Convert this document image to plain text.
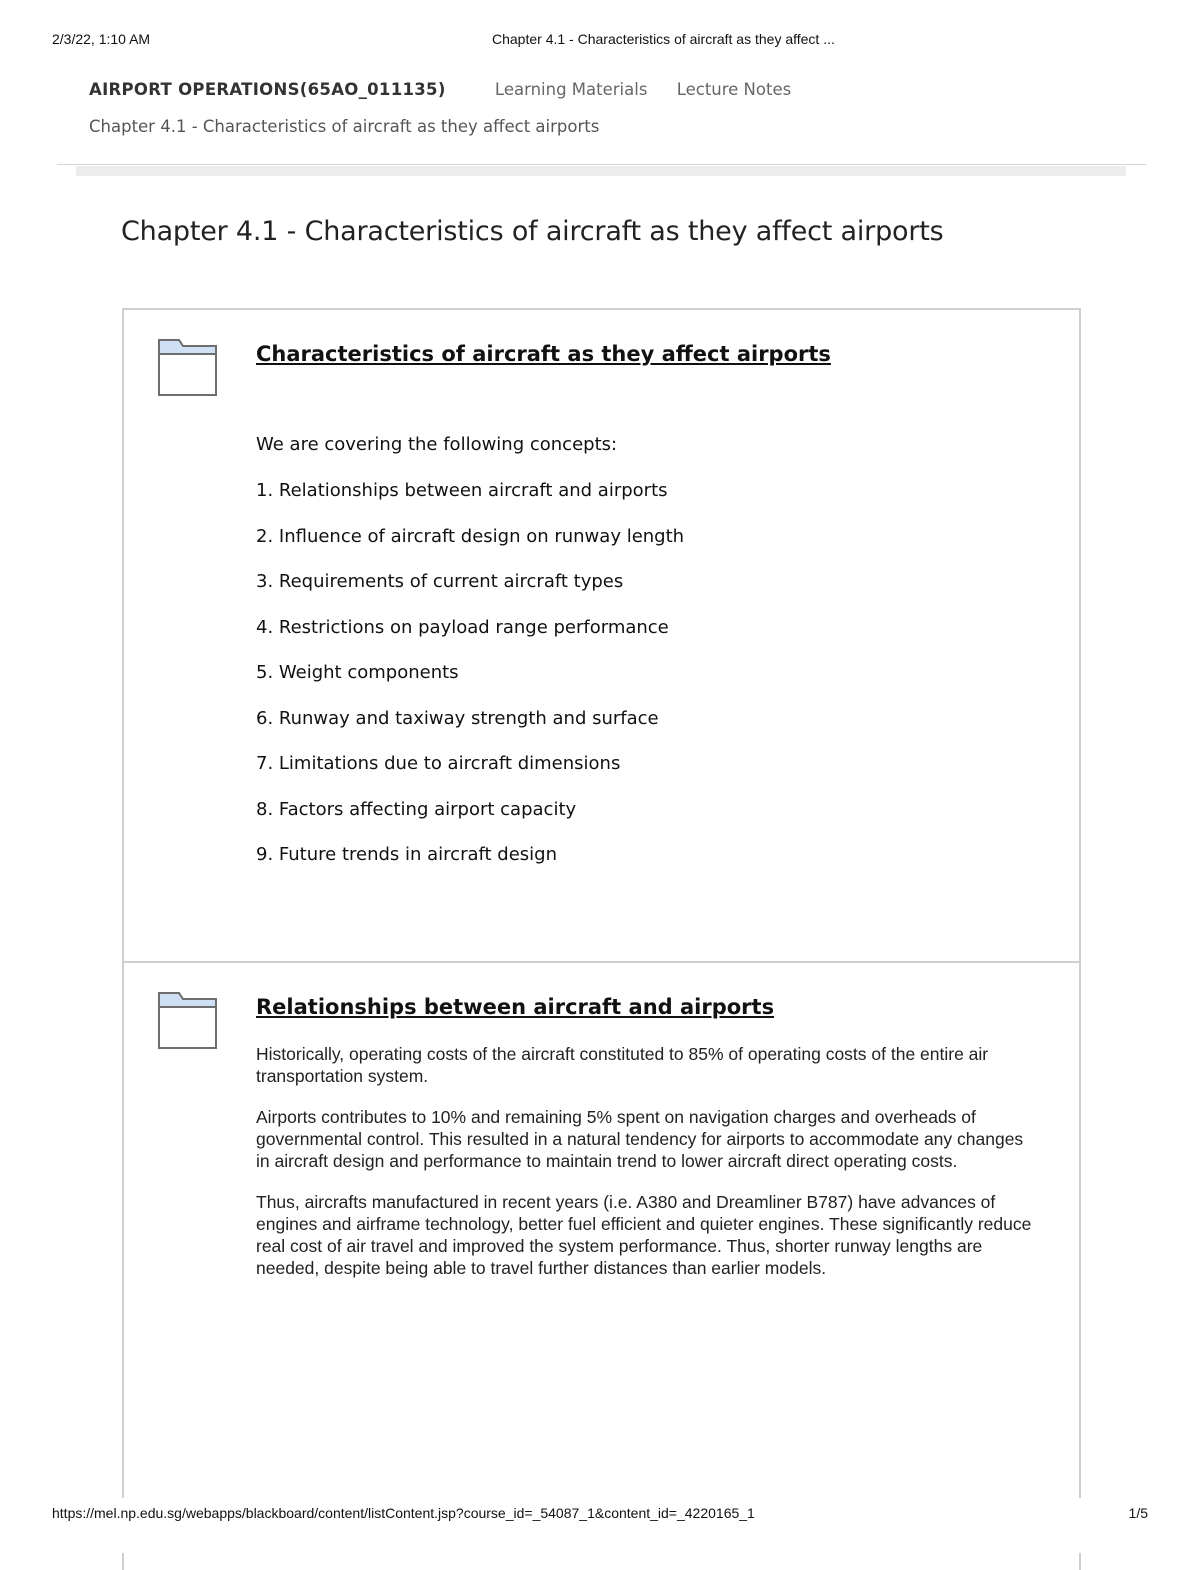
2/3/22, 1:10 AM	Chapter 4.1 - Characteristics of aircraft as they affect ...
AIRPORT OPERATIONS(65AO_011135)	Learning Materials Lecture Notes
Chapter 4.1 - Characteristics of aircraft as they affect airports
Chapter 4.1 - Characteristics of aircraft as they affect airports
Characteristics of aircraft as they affect airports
We are covering the following concepts:
1. Relationships between aircraft and airports
2. Influence of aircraft design on runway length
3. Requirements of current aircraft types
4. Restrictions on payload range performance
5. Weight components
6. Runway and taxiway strength and surface
7. Limitations due to aircraft dimensions
8. Factors affecting airport capacity
9. Future trends in aircraft design
Relationships between aircraft and airports

Historically, operating costs of the aircraft constituted to 85% of operating costs of the entire air transportation system.

Airports contributes to 10% and remaining 5% spent on navigation charges and overheads of governmental control. This resulted in a natural tendency for airports to accommodate any changes in aircraft design and performance to maintain trend to lower aircraft direct operating costs.

Thus, aircrafts manufactured in recent years (i.e. A380 and Dreamliner B787) have advances of engines and airframe technology, better fuel efficient and quieter engines. These significantly reduce real cost of air travel and improved the system performance. Thus, shorter runway lengths are needed, despite being able to travel further distances than earlier models.

https://mel.np.edu.sg/webapps/blackboard/content/listContent.jsp?course_id=_54087_1&content_id=_4220165_1	1/5
